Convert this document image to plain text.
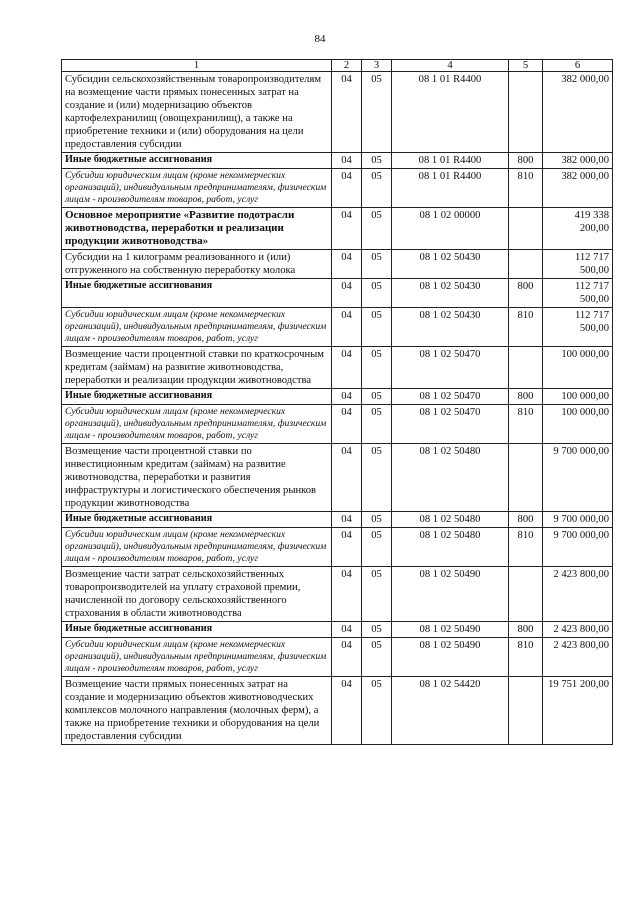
84
1	2	3	4	5	6
Субсидии сельскохозяйственным товаропроизводителям на возмещение части прямых понесенных затрат на создание и (или) модернизацию объектов картофелехранилищ (овощехранилищ), а также на приобретение техники и (или) оборудования на цели предоставления субсидии	04	05	08 1 01 R4400		382 000,00
Иные бюджетные ассигнования	04	05	08 1 01 R4400	800	382 000,00
Субсидии юридическим лицам (кроме некоммерческих организаций), индивидуальным предпринимателям, физическим лицам - производителям товаров, работ, услуг	04	05	08 1 01 R4400	810	382 000,00
Основное мероприятие «Развитие подотрасли животноводства, переработки и реализации продукции животноводства»	04	05	08 1 02 00000		419 338 200,00
Субсидии на 1 килограмм реализованного и (или) отгруженного на собственную переработку молока	04	05	08 1 02 50430		112 717 500,00
Иные бюджетные ассигнования	04	05	08 1 02 50430	800	112 717 500,00
Субсидии юридическим лицам (кроме некоммерческих организаций), индивидуальным предпринимателям, физическим лицам - производителям товаров, работ, услуг	04	05	08 1 02 50430	810	112 717 500,00
Возмещение части процентной ставки по краткосрочным кредитам (займам) на развитие животноводства, переработки и реализации продукции животноводства	04	05	08 1 02 50470		100 000,00
Иные бюджетные ассигнования	04	05	08 1 02 50470	800	100 000,00
Субсидии юридическим лицам (кроме некоммерческих организаций), индивидуальным предпринимателям, физическим лицам - производителям товаров, работ, услуг	04	05	08 1 02 50470	810	100 000,00
Возмещение части процентной ставки по инвестиционным кредитам (займам) на развитие животноводства, переработки и развития инфраструктуры и логистического обеспечения рынков продукции животноводства	04	05	08 1 02 50480		9 700 000,00
Иные бюджетные ассигнования	04	05	08 1 02 50480	800	9 700 000,00
Субсидии юридическим лицам (кроме некоммерческих организаций), индивидуальным предпринимателям, физическим лицам - производителям товаров, работ, услуг	04	05	08 1 02 50480	810	9 700 000,00
Возмещение части затрат сельскохозяйственных товаропроизводителей на уплату страховой премии, начисленной по договору сельскохозяйственного страхования в области животноводства	04	05	08 1 02 50490		2 423 800,00
Иные бюджетные ассигнования	04	05	08 1 02 50490	800	2 423 800,00
Субсидии юридическим лицам (кроме некоммерческих организаций), индивидуальным предпринимателям, физическим лицам - производителям товаров, работ, услуг	04	05	08 1 02 50490	810	2 423 800,00
Возмещение части прямых понесенных затрат на создание и модернизацию объектов животноводческих комплексов молочного направления (молочных ферм), а также на приобретение техники и оборудования на цели предоставления субсидии	04	05	08 1 02 54420		19 751 200,00
